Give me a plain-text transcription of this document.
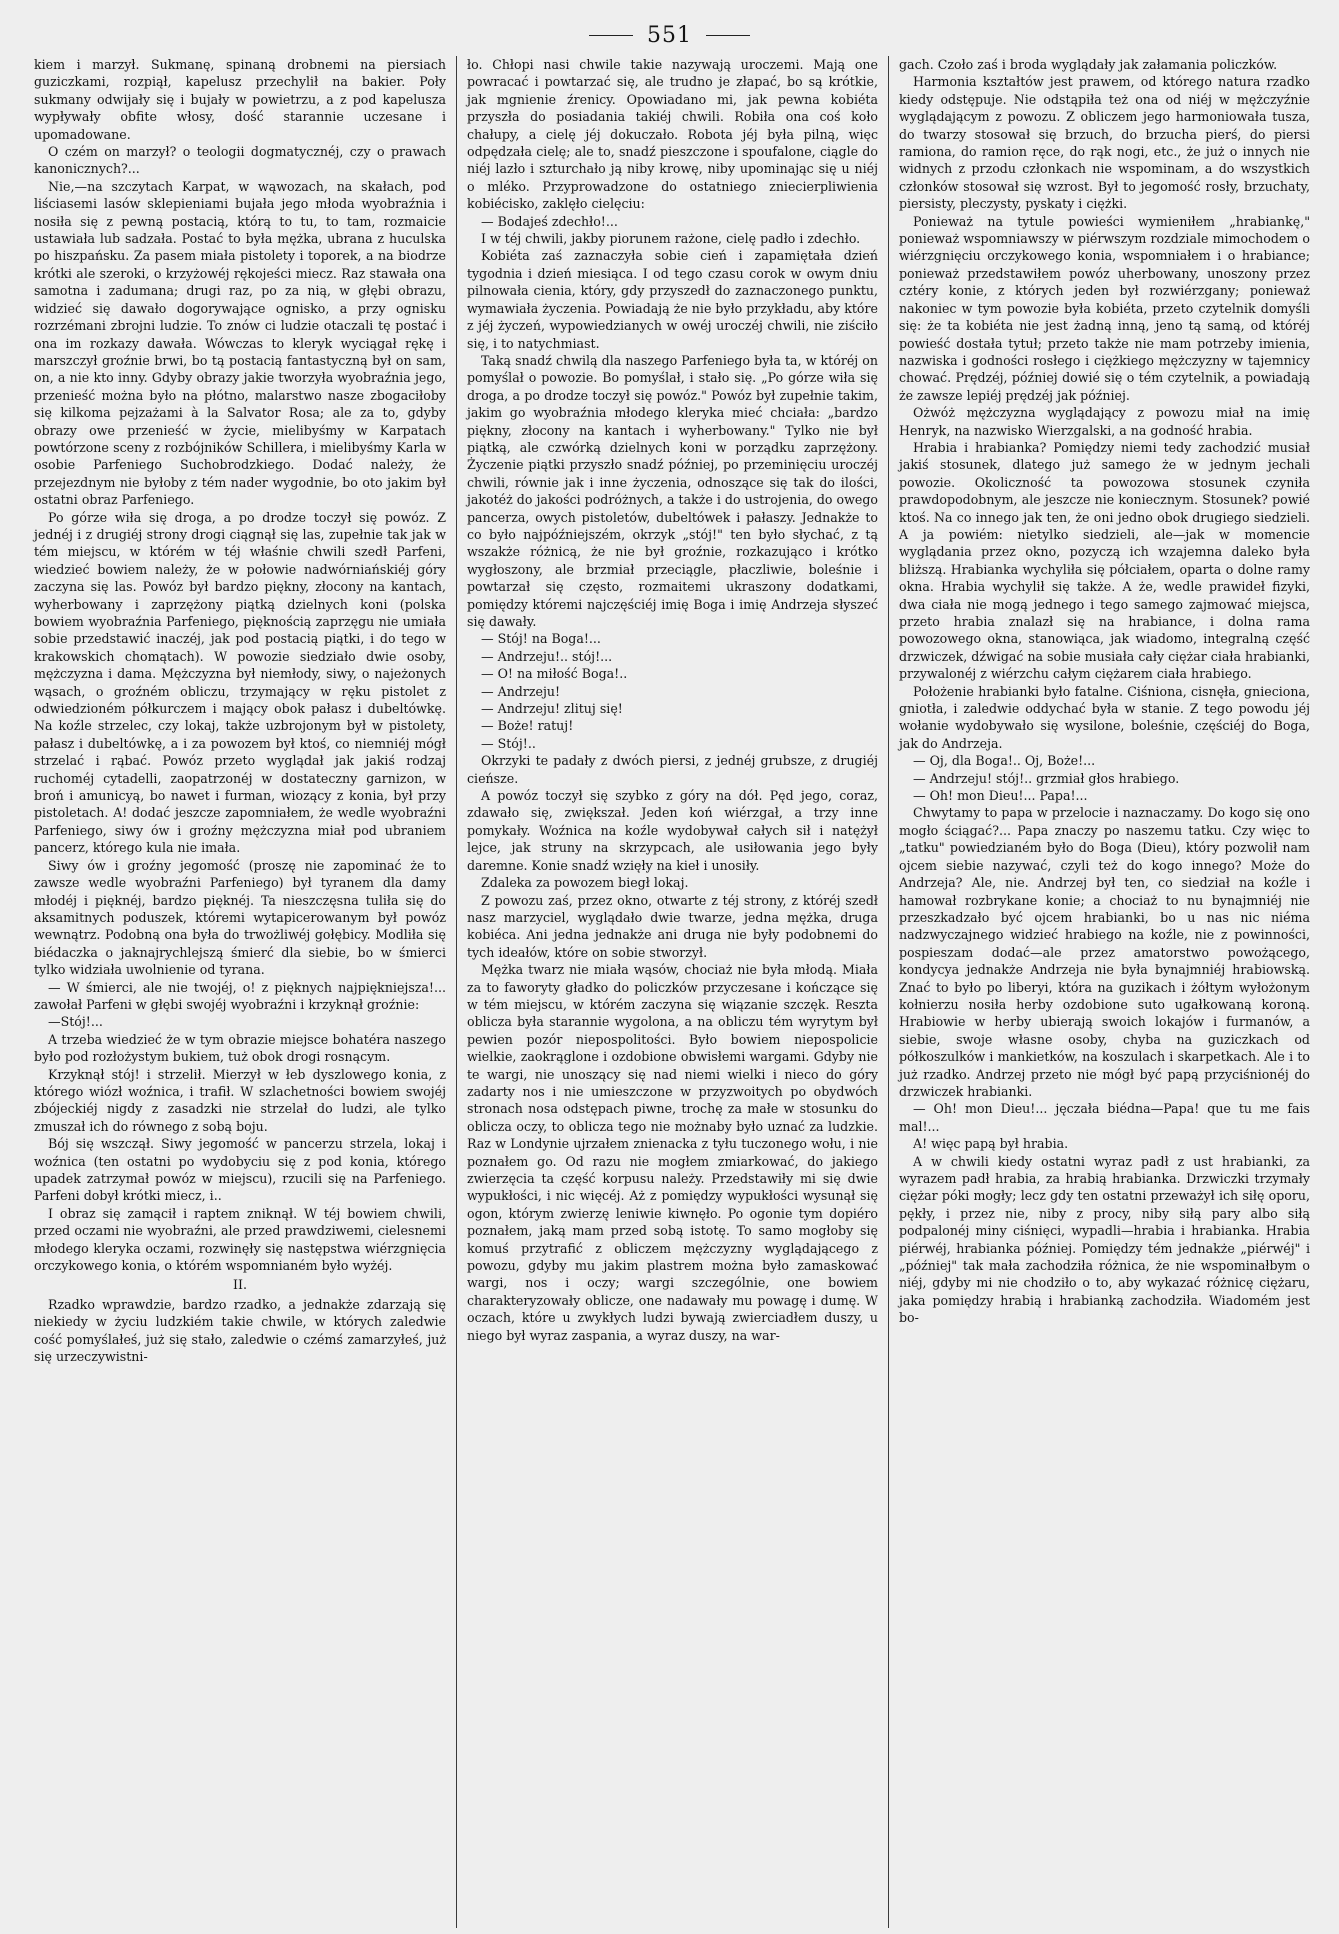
551

kiem i marzył. Sukmanę, spinaną drobnemi na piersiach guziczkami, rozpiął, kapelusz przechylił na bakier. Poły sukmany odwijały się i bujały w powietrzu, a z pod kapelusza wypływały obfite włosy, dość starannie uczesane i upomadowane.

O czém on marzył? o teologii dogmatycznéj, czy o prawach kanonicznych?...

Nie,—na szczytach Karpat, w wąwozach, na skałach, pod liściasemi lasów sklepieniami bujała jego młoda wyobraźnia i nosiła się z pewną postacią, którą to tu, to tam, rozmaicie ustawiała lub sadzała. Postać to była mężka, ubrana z huculska po hiszpańsku. Za pasem miała pistolety i toporek, a na biodrze krótki ale szeroki, o krzyżowéj rękojeści miecz. Raz stawała ona samotna i zadumana; drugi raz, po za nią, w głębi obrazu, widzieć się dawało dogorywające ognisko, a przy ognisku rozrzémani zbrojni ludzie. To znów ci ludzie otaczali tę postać i ona im rozkazy dawała. Wówczas to kleryk wyciągał rękę i marszczył groźnie brwi, bo tą postacią fantastyczną był on sam, on, a nie kto inny. Gdyby obrazy jakie tworzyła wyobraźnia jego, przenieść można było na płótno, malarstwo nasze zbogaciłoby się kilkoma pejzażami à la Salvator Rosa; ale za to, gdyby obrazy owe przenieść w życie, mielibyśmy w Karpatach powtórzone sceny z rozbójników Schillera, i mielibyśmy Karla w osobie Parfeniego Suchobrodzkiego. Dodać należy, że przejezdnym nie byłoby z tém nader wygodnie, bo oto jakim był ostatni obraz Parfeniego.

Po górze wiła się droga, a po drodze toczył się powóz. Z jednéj i z drugiéj strony drogi ciągnął się las, zupełnie tak jak w tém miejscu, w którém w téj właśnie chwili szedł Parfeni, wiedzieć bowiem należy, że w połowie nadwórniańskiéj góry zaczyna się las. Powóz był bardzo piękny, złocony na kantach, wyherbowany i zaprzężony piątką dzielnych koni (polska bowiem wyobraźnia Parfeniego, pięknością zaprzęgu nie umiała sobie przedstawić inaczéj, jak pod postacią piątki, i do tego w krakowskich chomątach). W powozie siedziało dwie osoby, mężczyzna i dama. Mężczyzna był niemłody, siwy, o najeżonych wąsach, o groźném obliczu, trzymający w ręku pistolet z odwiedzioném półkurczem i mający obok pałasz i dubeltówkę. Na koźle strzelec, czy lokaj, także uzbrojonym był w pistolety, pałasz i dubeltówkę, a i za powozem był ktoś, co niemniéj mógł strzelać i rąbać. Powóz przeto wyglądał jak jakiś rodzaj ruchoméj cytadelli, zaopatrzonéj w dostateczny garnizon, w broń i amunicyą, bo nawet i furman, wiozący z konia, był przy pistoletach. A! dodać jeszcze zapomniałem, że wedle wyobraźni Parfeniego, siwy ów i groźny mężczyzna miał pod ubraniem pancerz, którego kula nie imała.

Siwy ów i groźny jegomość (proszę nie zapominać że to zawsze wedle wyobraźni Parfeniego) był tyranem dla damy młodéj i pięknéj, bardzo pięknéj. Ta nieszczęsna tuliła się do aksamitnych poduszek, któremi wytapicerowanym był powóz wewnątrz. Podobną ona była do trwożliwéj gołębicy. Modliła się biédaczka o jaknajrychlejszą śmierć dla siebie, bo w śmierci tylko widziała uwolnienie od tyrana.

— W śmierci, ale nie twojéj, o! z pięknych najpiękniejsza!... zawołał Parfeni w głębi swojéj wyobraźni i krzyknął groźnie:

—Stój!...

A trzeba wiedzieć że w tym obrazie miejsce bohatéra naszego było pod rozłożystym bukiem, tuż obok drogi rosnącym.

Krzyknął stój! i strzelił. Mierzył w łeb dyszlowego konia, z którego wiózł woźnica, i trafił. W szlachetności bowiem swojéj zbójeckiéj nigdy z zasadzki nie strzelał do ludzi, ale tylko zmuszał ich do równego z sobą boju.

Bój się wszczął. Siwy jegomość w pancerzu strzela, lokaj i woźnica (ten ostatni po wydobyciu się z pod konia, którego upadek zatrzymał powóz w miejscu), rzucili się na Parfeniego. Parfeni dobył krótki miecz, i..

I obraz się zamącił i raptem zniknął. W téj bowiem chwili, przed oczami nie wyobraźni, ale przed prawdziwemi, cielesnemi młodego kleryka oczami, rozwinęły się następstwa wiérzgnięcia orczykowego konia, o którém wspomnianém było wyżéj.

II.

Rzadko wprawdzie, bardzo rzadko, a jednakże zdarzają się niekiedy w życiu ludzkiém takie chwile, w których zaledwie cość pomyślałeś, już się stało, zaledwie o czémś zamarzyłeś, już się urzeczywistni-

ło. Chłopi nasi chwile takie nazywają uroczemi. Mają one powracać i powtarzać się, ale trudno je złapać, bo są krótkie, jak mgnienie źrenicy. Opowiadano mi, jak pewna kobiéta przyszła do posiadania takiéj chwili. Robiła ona coś koło chałupy, a cielę jéj dokuczało. Robota jéj była pilną, więc odpędzała cielę; ale to, snadź pieszczone i spoufalone, ciągle do niéj lazło i szturchało ją niby krowę, niby upominając się u niéj o mléko. Przyprowadzone do ostatniego zniecierpliwienia kobiécisko, zaklęło cielęciu:

— Bodajeś zdechło!...

I w téj chwili, jakby piorunem rażone, cielę padło i zdechło.

Kobiéta zaś zaznaczyła sobie cień i zapamiętała dzień tygodnia i dzień miesiąca. I od tego czasu corok w owym dniu pilnowała cienia, który, gdy przyszedł do zaznaczonego punktu, wymawiała życzenia. Powiadają że nie było przykładu, aby które z jéj życzeń, wypowiedzianych w owéj uroczéj chwili, nie ziściło się, i to natychmiast.

Taką snadź chwilą dla naszego Parfeniego była ta, w któréj on pomyślał o powozie. Bo pomyślał, i stało się. „Po górze wiła się droga, a po drodze toczył się powóz." Powóz był zupełnie takim, jakim go wyobraźnia młodego kleryka mieć chciała: „bardzo piękny, złocony na kantach i wyherbowany." Tylko nie był piątką, ale czwórką dzielnych koni w porządku zaprzężony. Życzenie piątki przyszło snadź później, po przeminięciu uroczéj chwili, równie jak i inne życzenia, odnoszące się tak do ilości, jakotéż do jakości podróżnych, a także i do ustrojenia, do owego pancerza, owych pistoletów, dubeltówek i pałaszy. Jednakże to co było najpóźniejszém, okrzyk „stój!" ten było słychać, z tą wszakże różnicą, że nie był groźnie, rozkazująco i krótko wygłoszony, ale brzmiał przeciągle, płaczliwie, boleśnie i powtarzał się często, rozmaitemi ukraszony dodatkami, pomiędzy któremi najczęściéj imię Boga i imię Andrzeja słyszeć się dawały.

— Stój! na Boga!...

— Andrzeju!.. stój!...

— O! na miłość Boga!..

— Andrzeju!

— Andrzeju! zlituj się!

— Boże! ratuj!

— Stój!..

Okrzyki te padały z dwóch piersi, z jednéj grubsze, z drugiéj cieńsze.

A powóz toczył się szybko z góry na dół. Pęd jego, coraz, zdawało się, zwiększał. Jeden koń wiérzgał, a trzy inne pomykały. Woźnica na koźle wydobywał całych sił i natężył lejce, jak struny na skrzypcach, ale usiłowania jego były daremne. Konie snadź wzięły na kieł i unosiły.

Zdaleka za powozem biegł lokaj.

Z powozu zaś, przez okno, otwarte z téj strony, z któréj szedł nasz marzyciel, wyglądało dwie twarze, jedna mężka, druga kobiéca. Ani jedna jednakże ani druga nie były podobnemi do tych ideałów, które on sobie stworzył.

Mężka twarz nie miała wąsów, chociaż nie była młodą. Miała za to faworyty gładko do policzków przyczesane i kończące się w tém miejscu, w którém zaczyna się wiązanie szczęk. Reszta oblicza była starannie wygolona, a na obliczu tém wyrytym był pewien pozór niepospolitości. Było bowiem niepospolicie wielkie, zaokrąglone i ozdobione obwisłemi wargami. Gdyby nie te wargi, nie unoszący się nad niemi wielki i nieco do góry zadarty nos i nie umieszczone w przyzwoitych po obydwóch stronach nosa odstępach piwne, trochę za małe w stosunku do oblicza oczy, to oblicza tego nie możnaby było uznać za ludzkie. Raz w Londynie ujrzałem znienacka z tyłu tuczonego wołu, i nie poznałem go. Od razu nie mogłem zmiarkować, do jakiego zwierzęcia ta część korpusu należy. Przedstawiły mi się dwie wypukłości, i nic więcéj. Aż z pomiędzy wypukłości wysunął się ogon, którym zwierzę leniwie kiwnęło. Po ogonie tym dopiéro poznałem, jaką mam przed sobą istotę. To samo mogłoby się komuś przytrafić z obliczem mężczyzny wyglądającego z powozu, gdyby mu jakim plastrem można było zamaskować wargi, nos i oczy; wargi szczególnie, one bowiem charakteryzowały oblicze, one nadawały mu powagę i dumę. W oczach, które u zwykłych ludzi bywają zwierciadłem duszy, u niego był wyraz zaspania, a wyraz duszy, na war-

gach. Czoło zaś i broda wyglądały jak załamania policzków.

Harmonia kształtów jest prawem, od którego natura rzadko kiedy odstępuje. Nie odstąpiła też ona od niéj w mężczyźnie wyglądającym z powozu. Z obliczem jego harmoniowała tusza, do twarzy stosował się brzuch, do brzucha pierś, do piersi ramiona, do ramion ręce, do rąk nogi, etc., że już o innych nie widnych z przodu członkach nie wspominam, a do wszystkich członków stosował się wzrost. Był to jegomość rosły, brzuchaty, piersisty, pleczysty, pyskaty i ciężki.

Ponieważ na tytule powieści wymieniłem „hrabiankę," ponieważ wspomniawszy w piérwszym rozdziale mimochodem o wiérzgnięciu orczykowego konia, wspomniałem i o hrabiance; ponieważ przedstawiłem powóz uherbowany, unoszony przez cztéry konie, z których jeden był rozwiérzgany; ponieważ nakoniec w tym powozie była kobiéta, przeto czytelnik domyśli się: że ta kobiéta nie jest żadną inną, jeno tą samą, od któréj powieść dostała tytuł; przeto także nie mam potrzeby imienia, nazwiska i godności rosłego i ciężkiego mężczyzny w tajemnicy chować. Prędzéj, później dowié się o tém czytelnik, a powiadają że zawsze lepiéj prędzéj jak później.

Ożwóż mężczyzna wyglądający z powozu miał na imię Henryk, na nazwisko Wierzgalski, a na godność hrabia.

Hrabia i hrabianka? Pomiędzy niemi tedy zachodzić musiał jakiś stosunek, dlatego już samego że w jednym jechali powozie. Okoliczność ta powozowa stosunek czyniła prawdopodobnym, ale jeszcze nie koniecznym. Stosunek? powié ktoś. Na co innego jak ten, że oni jedno obok drugiego siedzieli. A ja powiém: nietylko siedzieli, ale—jak w momencie wyglądania przez okno, pozyczą ich wzajemna daleko była bliższą. Hrabianka wychyliła się półciałem, oparta o dolne ramy okna. Hrabia wychylił się także. A że, wedle prawideł fizyki, dwa ciała nie mogą jednego i tego samego zajmować miejsca, przeto hrabia znalazł się na hrabiance, i dolna rama powozowego okna, stanowiąca, jak wiadomo, integralną część drzwiczek, dźwigać na sobie musiała cały ciężar ciała hrabianki, przywalonéj z wiérzchu całym ciężarem ciała hrabiego.

Położenie hrabianki było fatalne. Ciśniona, cisnęła, gnieciona, gniotła, i zaledwie oddychać była w stanie. Z tego powodu jéj wołanie wydobywało się wysilone, boleśnie, częściéj do Boga, jak do Andrzeja.

— Oj, dla Boga!.. Oj, Boże!...

— Andrzeju! stój!.. grzmiał głos hrabiego.

— Oh! mon Dieu!... Papa!...

Chwytamy to papa w przelocie i naznaczamy. Do kogo się ono mogło ściągać?... Papa znaczy po naszemu tatku. Czy więc to „tatku" powiedzianém było do Boga (Dieu), który pozwolił nam ojcem siebie nazywać, czyli też do kogo innego? Może do Andrzeja? Ale, nie. Andrzej był ten, co siedział na koźle i hamował rozbrykane konie; a chociaż to nu bynajmniéj nie przeszkadzało być ojcem hrabianki, bo u nas nic niéma nadzwyczajnego widzieć hrabiego na koźle, nie z powinności, pospieszam dodać—ale przez amatorstwo powożącego, kondycya jednakże Andrzeja nie była bynajmniéj hrabiowską. Znać to było po liberyi, która na guzikach i żółtym wyłożonym kołnierzu nosiła herby ozdobione suto ugałkowaną koroną. Hrabiowie w herby ubierają swoich lokajów i furmanów, a siebie, swoje własne osoby, chyba na guziczkach od półkoszulków i mankietków, na koszulach i skarpetkach. Ale i to już rzadko. Andrzej przeto nie mógł być papą przyciśnionéj do drzwiczek hrabianki.

— Oh! mon Dieu!... jęczała biédna—Papa! que tu me fais mal!...

A! więc papą był hrabia.

A w chwili kiedy ostatni wyraz padł z ust hrabianki, za wyrazem padł hrabia, za hrabią hrabianka. Drzwiczki trzymały ciężar póki mogły; lecz gdy ten ostatni przeważył ich siłę oporu, pękły, i przez nie, niby z procy, niby siłą pary albo siłą podpalonéj miny ciśnięci, wypadli—hrabia i hrabianka. Hrabia piérwéj, hrabianka później. Pomiędzy tém jednakże „piérwéj" i „później" tak mała zachodziła różnica, że nie wspominałbym o niéj, gdyby mi nie chodziło o to, aby wykazać różnicę ciężaru, jaka pomiędzy hrabią i hrabianką zachodziła. Wiadomém jest bo-
